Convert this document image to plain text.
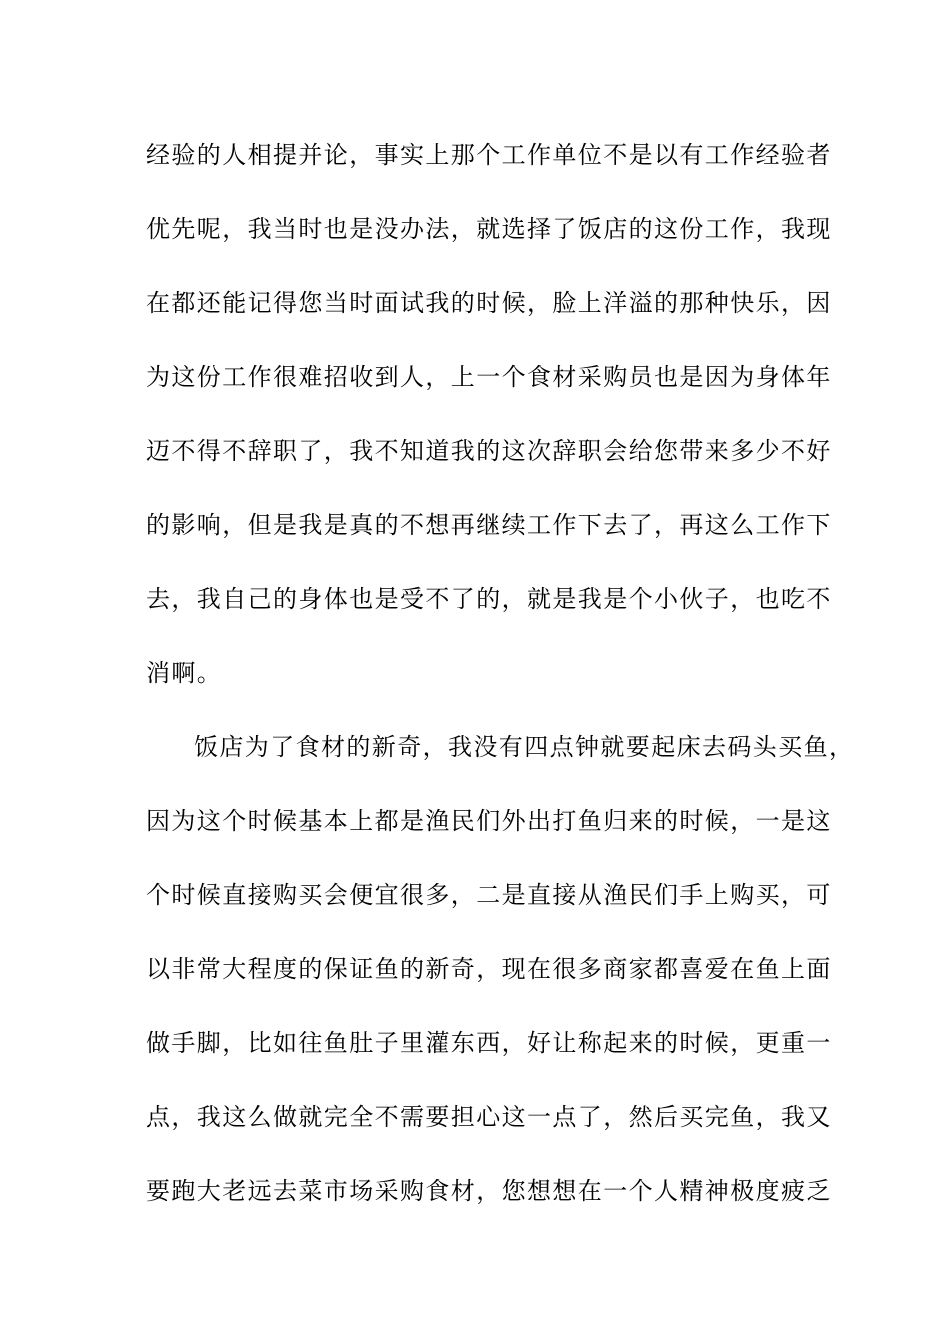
经验的人相提并论，事实上那个工作单位不是以有工作经验者
优先呢，我当时也是没办法，就选择了饭店的这份工作，我现
在都还能记得您当时面试我的时候，脸上洋溢的那种快乐，因
为这份工作很难招收到人，上一个食材采购员也是因为身体年
迈不得不辞职了，我不知道我的这次辞职会给您带来多少不好
的影响，但是我是真的不想再继续工作下去了，再这么工作下
去，我自己的身体也是受不了的，就是我是个小伙子，也吃不
消啊。
饭店为了食材的新奇，我没有四点钟就要起床去码头买鱼，
因为这个时候基本上都是渔民们外出打鱼归来的时候，一是这
个时候直接购买会便宜很多，二是直接从渔民们手上购买，可
以非常大程度的保证鱼的新奇，现在很多商家都喜爱在鱼上面
做手脚，比如往鱼肚子里灌东西，好让称起来的时候，更重一
点，我这么做就完全不需要担心这一点了，然后买完鱼，我又
要跑大老远去菜市场采购食材，您想想在一个人精神极度疲乏
